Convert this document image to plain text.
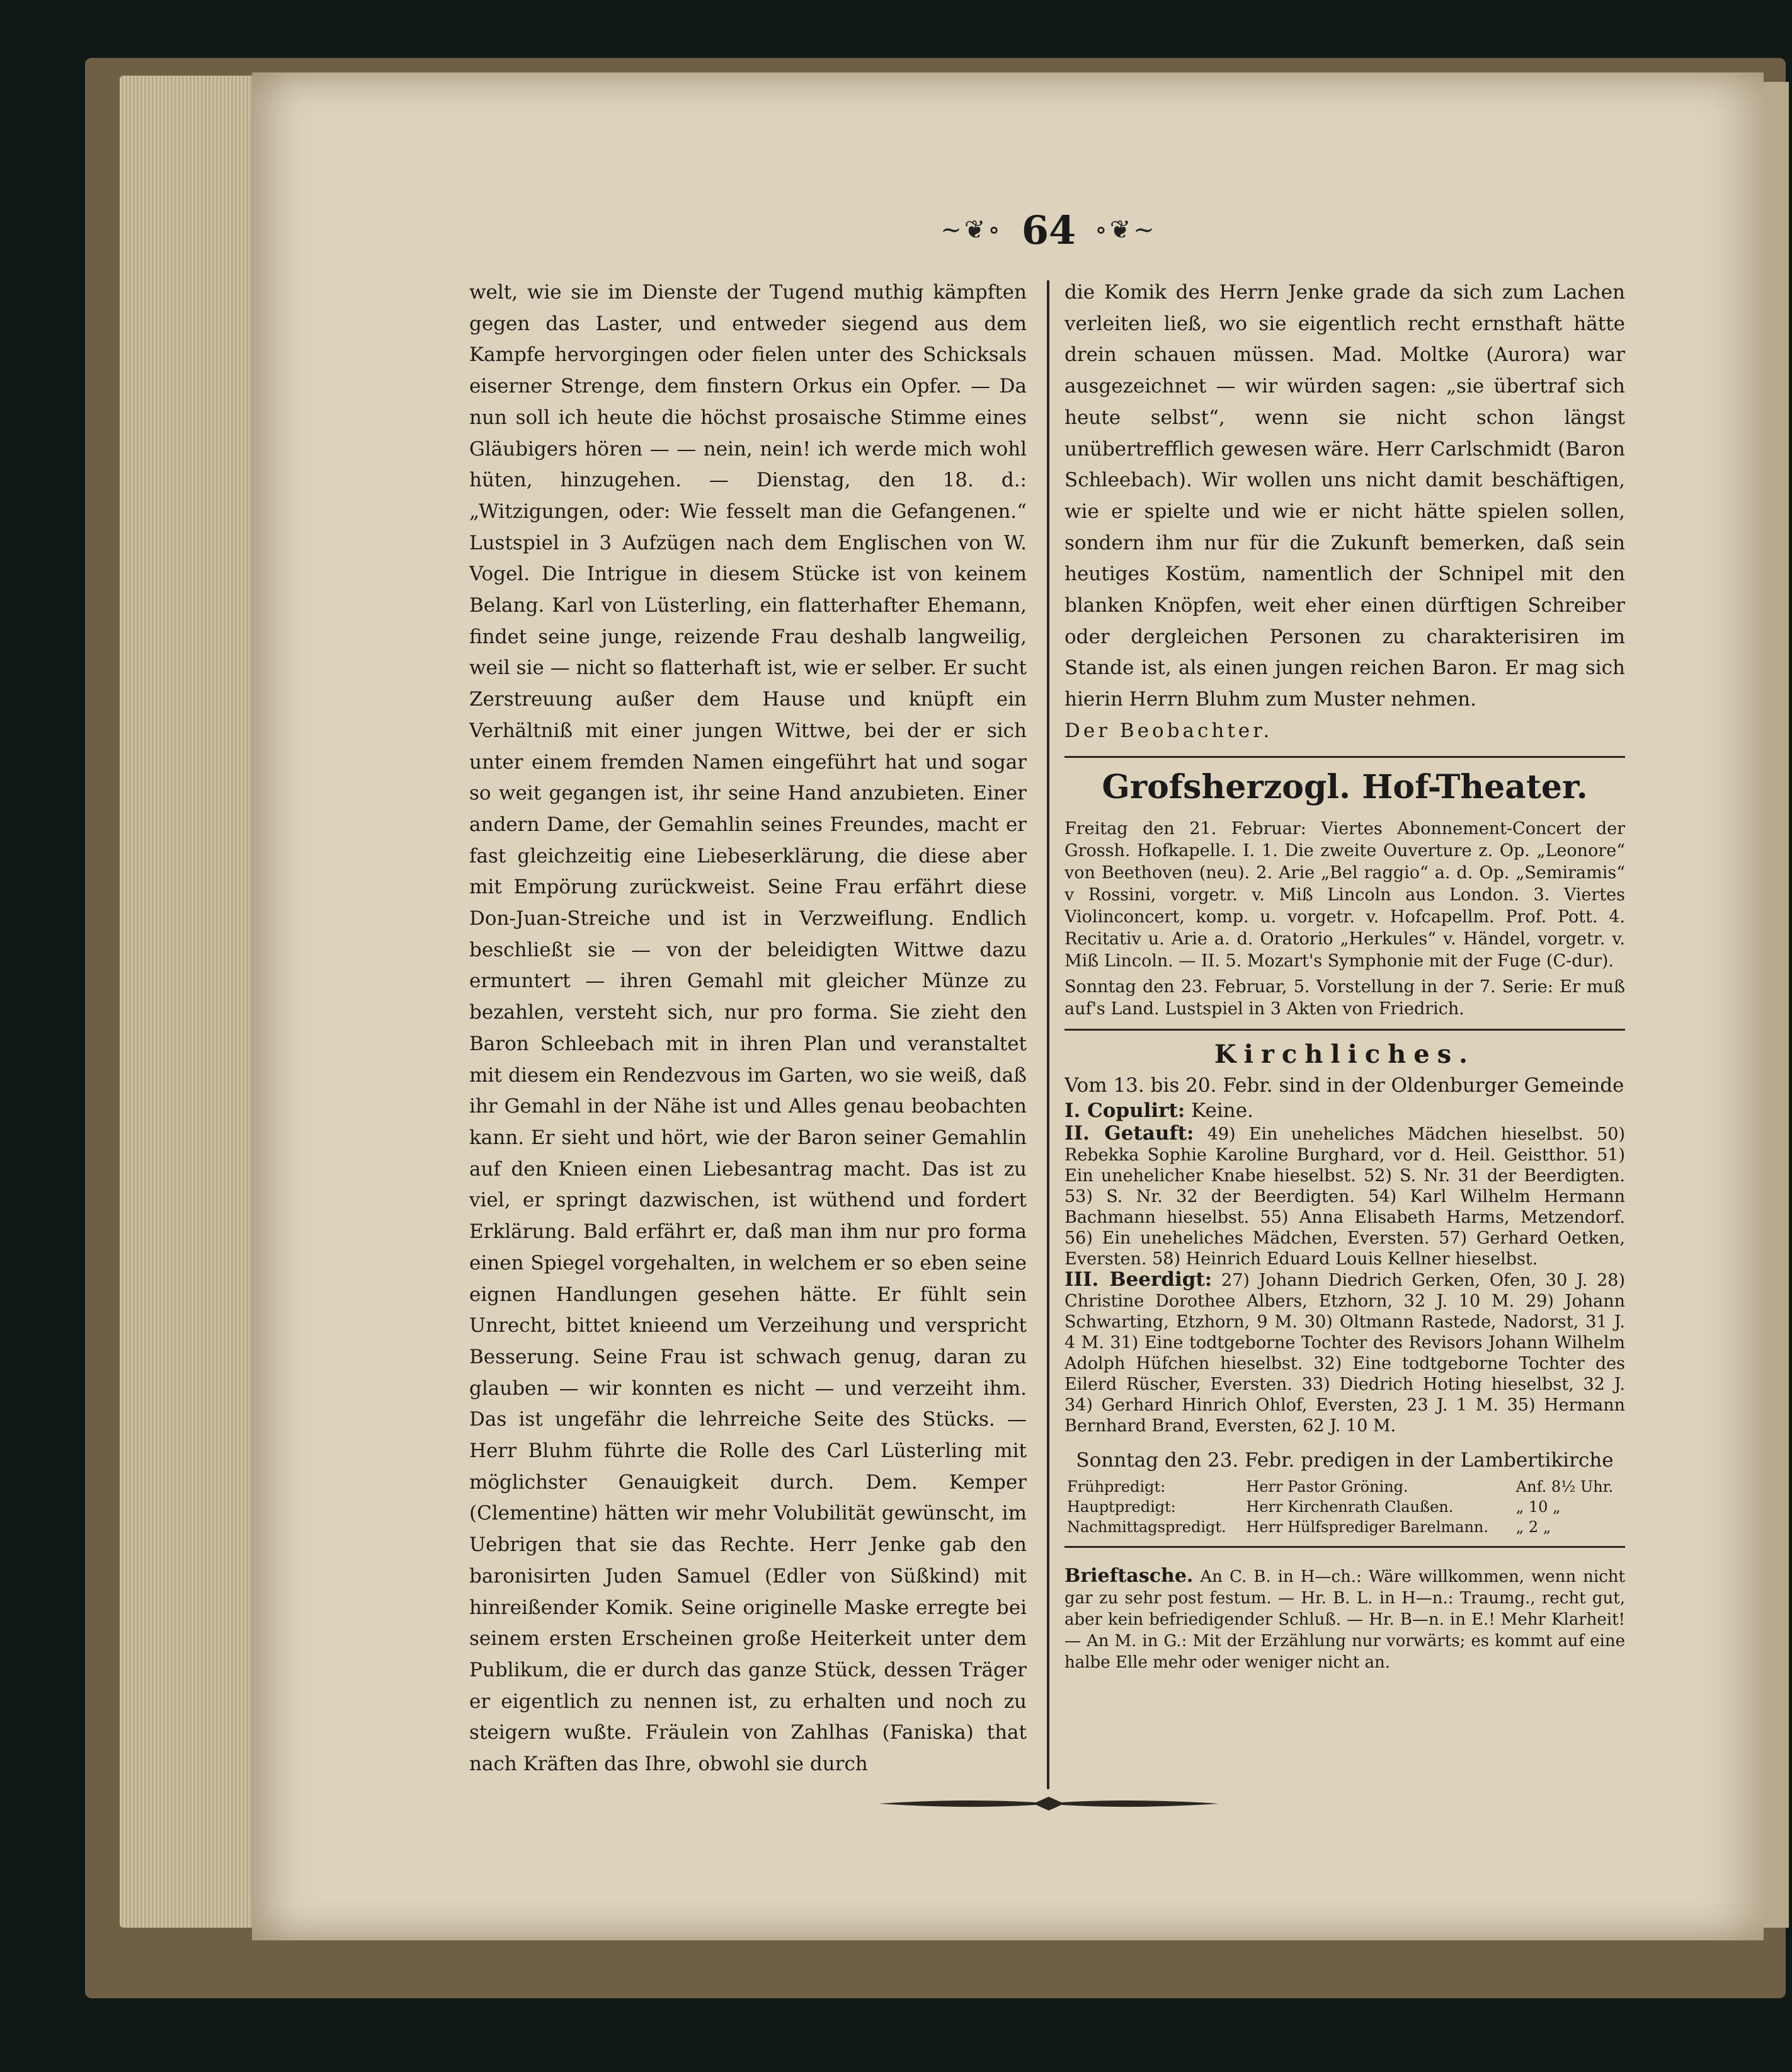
~❦∘ 64 ∘❦~

welt, wie sie im Dienste der Tugend muthig kämpften gegen das Laster, und entweder siegend aus dem Kampfe hervorgingen oder fielen unter des Schicksals eiserner Strenge, dem finstern Orkus ein Opfer. — Da nun soll ich heute die höchst prosaische Stimme eines Gläubigers hören — — nein, nein! ich werde mich wohl hüten, hinzugehen. — Dienstag, den 18. d.: „Witzigungen, oder: Wie fesselt man die Gefangenen.“ Lustspiel in 3 Aufzügen nach dem Englischen von W. Vogel. Die Intrigue in diesem Stücke ist von keinem Belang. Karl von Lüsterling, ein flatterhafter Ehemann, findet seine junge, reizende Frau deshalb langweilig, weil sie — nicht so flatterhaft ist, wie er selber. Er sucht Zerstreuung außer dem Hause und knüpft ein Verhältniß mit einer jungen Wittwe, bei der er sich unter einem fremden Namen eingeführt hat und sogar so weit gegangen ist, ihr seine Hand anzubieten. Einer andern Dame, der Gemahlin seines Freundes, macht er fast gleichzeitig eine Liebeserklärung, die diese aber mit Empörung zurückweist. Seine Frau erfährt diese Don-Juan-Streiche und ist in Verzweiflung. Endlich beschließt sie — von der beleidigten Wittwe dazu ermuntert — ihren Gemahl mit gleicher Münze zu bezahlen, versteht sich, nur pro forma. Sie zieht den Baron Schleebach mit in ihren Plan und veranstaltet mit diesem ein Rendezvous im Garten, wo sie weiß, daß ihr Gemahl in der Nähe ist und Alles genau beobachten kann. Er sieht und hört, wie der Baron seiner Gemahlin auf den Knieen einen Liebesantrag macht. Das ist zu viel, er springt dazwischen, ist wüthend und fordert Erklärung. Bald erfährt er, daß man ihm nur pro forma einen Spiegel vorgehalten, in welchem er so eben seine eignen Handlungen gesehen hätte. Er fühlt sein Unrecht, bittet knieend um Verzeihung und verspricht Besserung. Seine Frau ist schwach genug, daran zu glauben — wir konnten es nicht — und verzeiht ihm. Das ist ungefähr die lehrreiche Seite des Stücks. — Herr Bluhm führte die Rolle des Carl Lüsterling mit möglichster Genauigkeit durch. Dem. Kemper (Clementine) hätten wir mehr Volubilität gewünscht, im Uebrigen that sie das Rechte. Herr Jenke gab den baronisirten Juden Samuel (Edler von Süßkind) mit hinreißender Komik. Seine originelle Maske erregte bei seinem ersten Erscheinen große Heiterkeit unter dem Publikum, die er durch das ganze Stück, dessen Träger er eigentlich zu nennen ist, zu erhalten und noch zu steigern wußte. Fräulein von Zahlhas (Faniska) that nach Kräften das Ihre, obwohl sie durch

die Komik des Herrn Jenke grade da sich zum Lachen verleiten ließ, wo sie eigentlich recht ernsthaft hätte drein schauen müssen. Mad. Moltke (Aurora) war ausgezeichnet — wir würden sagen: „sie übertraf sich heute selbst“, wenn sie nicht schon längst unübertrefflich gewesen wäre. Herr Carlschmidt (Baron Schleebach). Wir wollen uns nicht damit beschäftigen, wie er spielte und wie er nicht hätte spielen sollen, sondern ihm nur für die Zukunft bemerken, daß sein heutiges Kostüm, namentlich der Schnipel mit den blanken Knöpfen, weit eher einen dürftigen Schreiber oder dergleichen Personen zu charakterisiren im Stande ist, als einen jungen reichen Baron. Er mag sich hierin Herrn Bluhm zum Muster nehmen.

Der Beobachter.

Grofsherzogl. Hof-Theater.

Freitag den 21. Februar: Viertes Abonnement-Concert der Grossh. Hofkapelle. I. 1. Die zweite Ouverture z. Op. „Leonore“ von Beethoven (neu). 2. Arie „Bel raggio“ a. d. Op. „Semiramis“ v Rossini, vorgetr. v. Miß Lincoln aus London. 3. Viertes Violinconcert, komp. u. vorgetr. v. Hofcapellm. Prof. Pott. 4. Recitativ u. Arie a. d. Oratorio „Herkules“ v. Händel, vorgetr. v. Miß Lincoln. — II. 5. Mozart's Symphonie mit der Fuge (C-dur).

Sonntag den 23. Februar, 5. Vorstellung in der 7. Serie: Er muß auf's Land. Lustspiel in 3 Akten von Friedrich.

Kirchliches.

Vom 13. bis 20. Febr. sind in der Oldenburger Gemeinde

I. Copulirt: Keine.

II. Getauft: 49) Ein uneheliches Mädchen hieselbst. 50) Rebekka Sophie Karoline Burghard, vor d. Heil. Geistthor. 51) Ein unehelicher Knabe hieselbst. 52) S. Nr. 31 der Beerdigten. 53) S. Nr. 32 der Beerdigten. 54) Karl Wilhelm Hermann Bachmann hieselbst. 55) Anna Elisabeth Harms, Metzendorf. 56) Ein uneheliches Mädchen, Eversten. 57) Gerhard Oetken, Eversten. 58) Heinrich Eduard Louis Kellner hieselbst.

III. Beerdigt: 27) Johann Diedrich Gerken, Ofen, 30 J. 28) Christine Dorothee Albers, Etzhorn, 32 J. 10 M. 29) Johann Schwarting, Etzhorn, 9 M. 30) Oltmann Rastede, Nadorst, 31 J. 4 M. 31) Eine todtgeborne Tochter des Revisors Johann Wilhelm Adolph Hüfchen hieselbst. 32) Eine todtgeborne Tochter des Eilerd Rüscher, Eversten. 33) Diedrich Hoting hieselbst, 32 J. 34) Gerhard Hinrich Ohlof, Eversten, 23 J. 1 M. 35) Hermann Bernhard Brand, Eversten, 62 J. 10 M.

Sonntag den 23. Febr. predigen in der Lambertikirche
Frühpredigt:	Herr Pastor Gröning.	Anf. 8½ Uhr.
Hauptpredigt:	Herr Kirchenrath Claußen.	„ 10 „
Nachmittagspredigt.	Herr Hülfsprediger Barelmann.	„ 2 „

Brieftasche. An C. B. in H—ch.: Wäre willkommen, wenn nicht gar zu sehr post festum. — Hr. B. L. in H—n.: Traumg., recht gut, aber kein befriedigender Schluß. — Hr. B—n. in E.! Mehr Klarheit! — An M. in G.: Mit der Erzählung nur vorwärts; es kommt auf eine halbe Elle mehr oder weniger nicht an.
